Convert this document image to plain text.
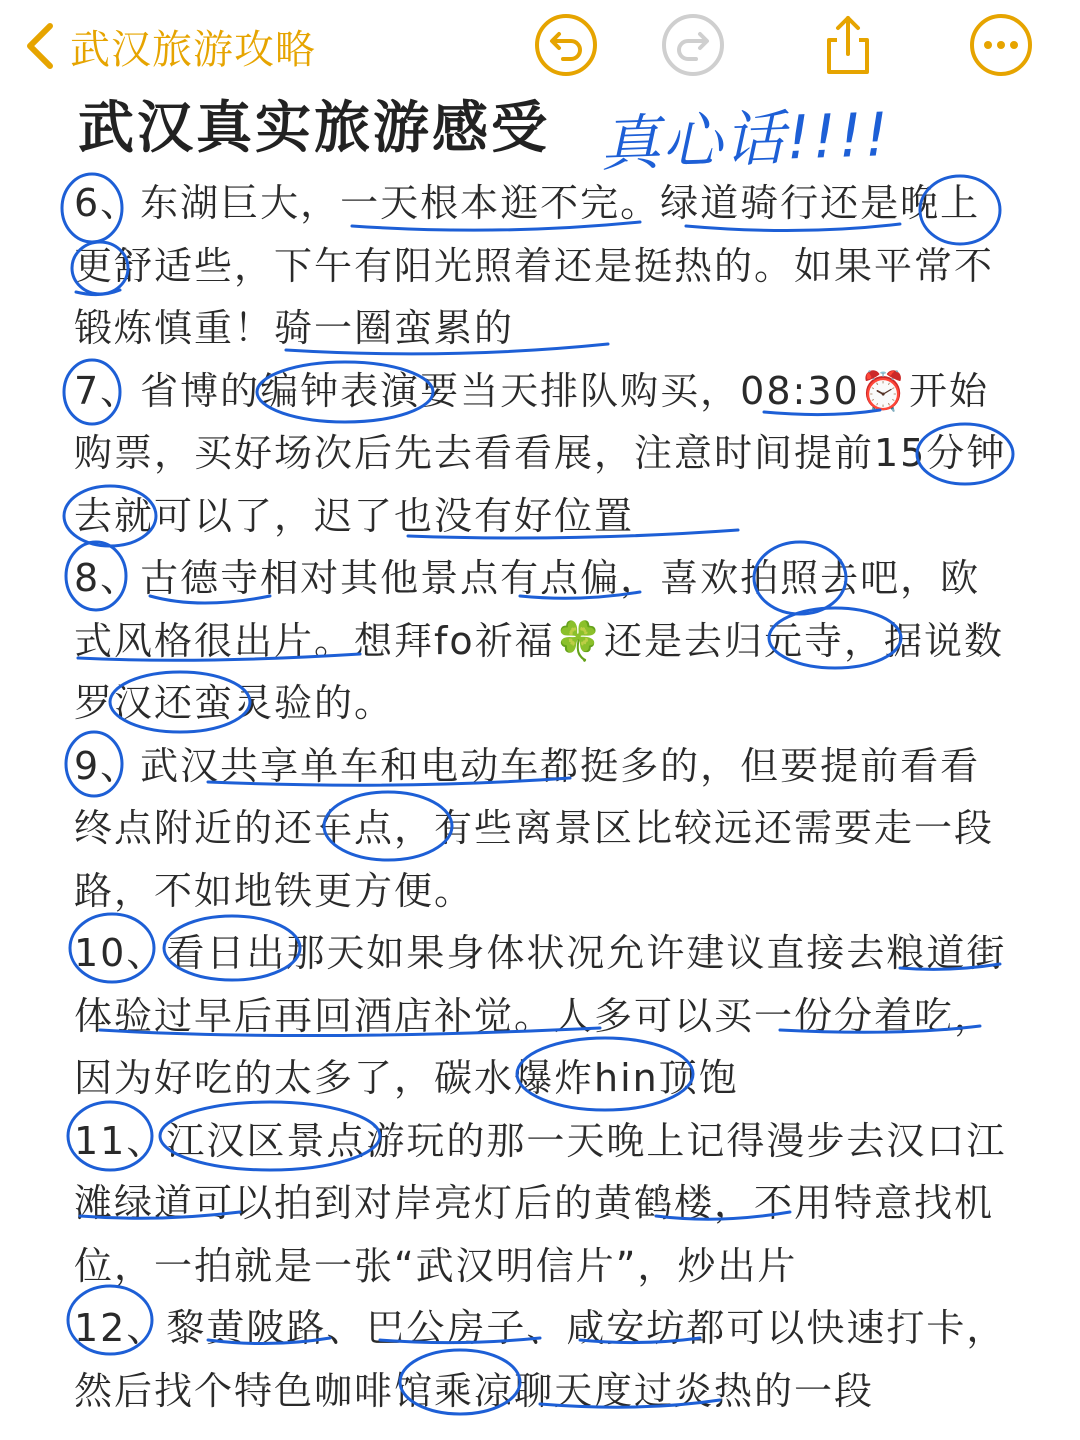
武汉旅游攻略
武汉真实旅游感受 真心话!!!!

6、东湖巨大，一天根本逛不完。绿道骑行还是晚上更舒适些，下午有阳光照着还是挺热的。如果平常不锻炼慎重！骑一圈蛮累的

7、省博的编钟表演要当天排队购买，08:30⏰开始购票，买好场次后先去看看展，注意时间提前15分钟去就可以了，迟了也没有好位置

8、古德寺相对其他景点有点偏，喜欢拍照去吧，欧式风格很出片。想拜fo祈福🍀还是去归元寺，据说数罗汉还蛮灵验的。

9、武汉共享单车和电动车都挺多的，但要提前看看终点附近的还车点，有些离景区比较远还需要走一段路，不如地铁更方便。

10、看日出那天如果身体状况允许建议直接去粮道街体验过早后再回酒店补觉。人多可以买一份分着吃，因为好吃的太多了，碳水爆炸hin顶饱

11、江汉区景点游玩的那一天晚上记得漫步去汉口江滩绿道可以拍到对岸亮灯后的黄鹤楼，不用特意找机位，一拍就是一张“武汉明信片”，炒出片

12、黎黄陂路、巴公房子、咸安坊都可以快速打卡，然后找个特色咖啡馆乘凉聊天度过炎热的一段
